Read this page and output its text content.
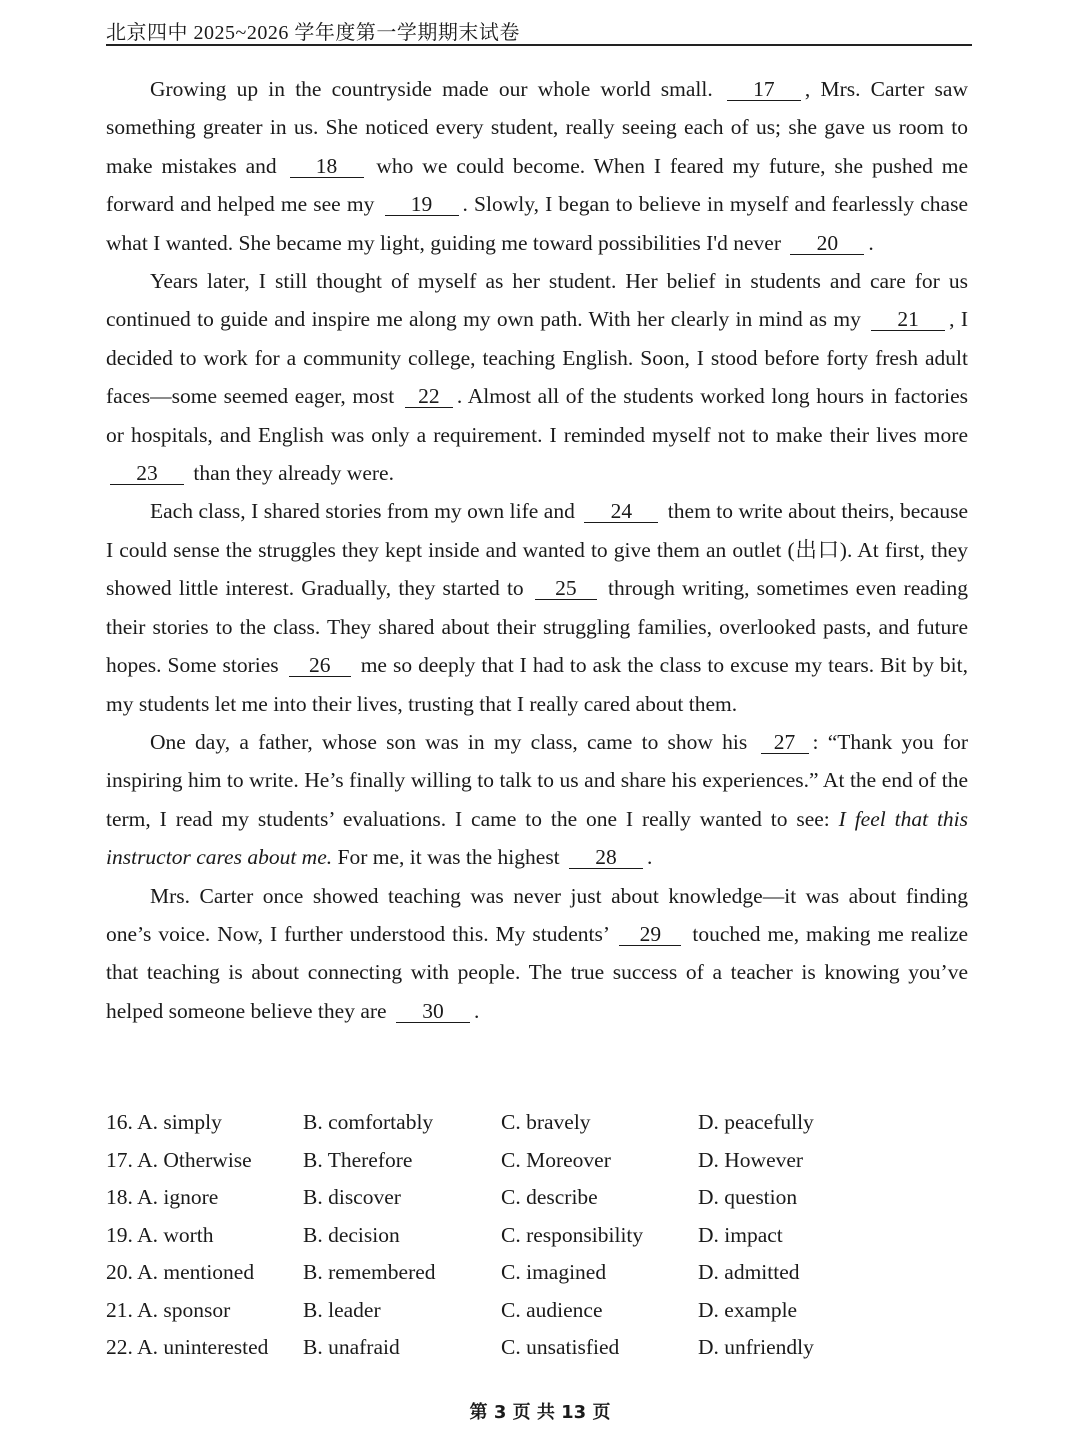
北京四中 2025~2026 学年度第一学期期末试卷

Growing up in the countryside made our whole world small. 17 , Mrs. Carter saw something greater in us. She noticed every student, really seeing each of us; she gave us room to make mistakes and 18 who we could become. When I feared my future, she pushed me forward and helped me see my 19 . Slowly, I began to believe in myself and fearlessly chase what I wanted. She became my light, guiding me toward possibilities I'd never 20 .

Years later, I still thought of myself as her student. Her belief in students and care for us continued to guide and inspire me along my own path. With her clearly in mind as my 21 , I decided to work for a community college, teaching English. Soon, I stood before forty fresh adult faces—some seemed eager, most 22 . Almost all of the students worked long hours in factories or hospitals, and English was only a requirement. I reminded myself not to make their lives more 23 than they already were.

Each class, I shared stories from my own life and 24 them to write about theirs, because I could sense the struggles they kept inside and wanted to give them an outlet (出口). At first, they showed little interest. Gradually, they started to 25 through writing, sometimes even reading their stories to the class. They shared about their struggling families, overlooked pasts, and future hopes. Some stories 26 me so deeply that I had to ask the class to excuse my tears. Bit by bit, my students let me into their lives, trusting that I really cared about them.

One day, a father, whose son was in my class, came to show his 27 : “Thank you for inspiring him to write. He’s finally willing to talk to us and share his experiences.” At the end of the term, I read my students’ evaluations. I came to the one I really wanted to see: I feel that this instructor cares about me. For me, it was the highest 28 .

Mrs. Carter once showed teaching was never just about knowledge—it was about finding one’s voice. Now, I further understood this. My students’ 29 touched me, making me realize that teaching is about connecting with people. The true success of a teacher is knowing you’ve helped someone believe they are 30 .

16. A. simply	B. comfortably	C. bravely	D. peacefully
17. A. Otherwise B. Therefore	C. Moreover	D. However
18. A. ignore	B. discover	C. describe	D. question
19. A. worth	B. decision	C. responsibility	D. impact
20. A. mentioned B. remembered	C. imagined	D. admitted
21. A. sponsor	B. leader	C. audience	D. example
22. A. uninterested B. unafraid	C. unsatisfied	D. unfriendly
第 3 页 共 13 页
